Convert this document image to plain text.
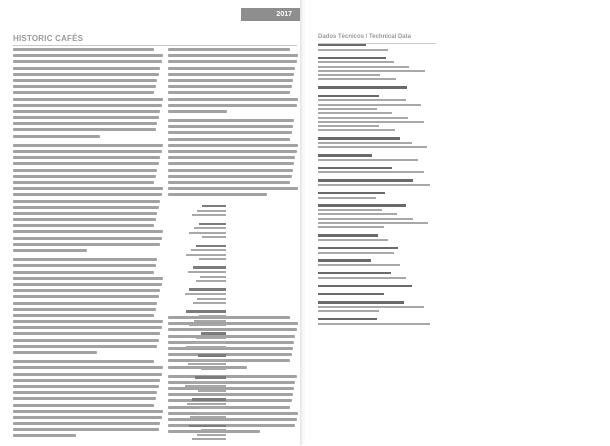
2017
HISTORIC CAFÉS	Dados Técnicos / Technical Data
